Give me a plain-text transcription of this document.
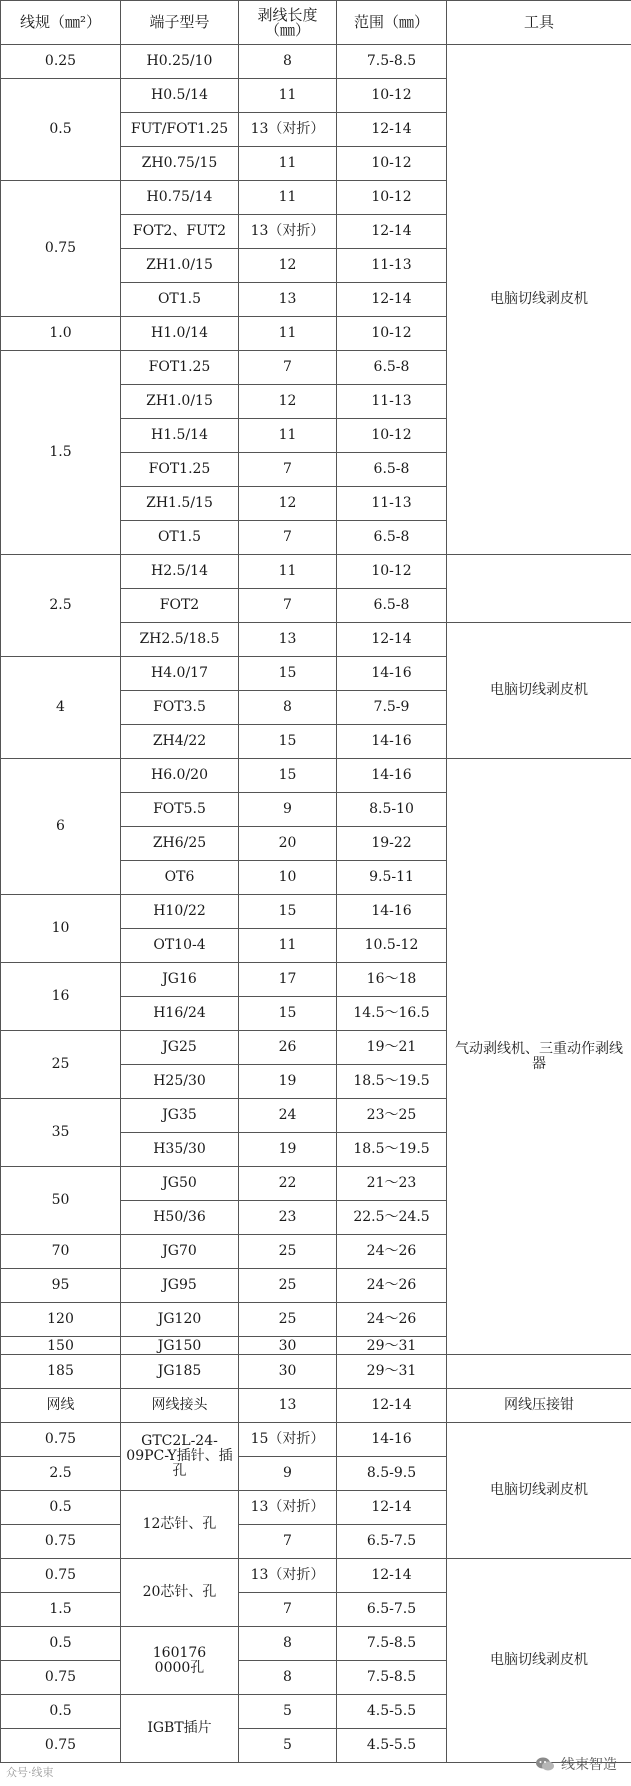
线规（㎜²）	端子型号	剥线长度（㎜）	范围（㎜）	工具
0.25	H0.25/10	8	7.5-8.5	电脑切线剥皮机
0.5	H0.5/14	11	10-12	
	FUT/FOT1.25	13（对折）	12-14	
	ZH0.75/15	11	10-12	
0.75	H0.75/14	11	10-12	
	FOT2、FUT2	13（对折）	12-14	
	ZH1.0/15	12	11-13	
	OT1.5	13	12-14	
1.0	H1.0/14	11	10-12	
1.5	FOT1.25	7	6.5-8	
	ZH1.0/15	12	11-13	
	H1.5/14	11	10-12	
	FOT1.25	7	6.5-8	
	ZH1.5/15	12	11-13	
	OT1.5	7	6.5-8	
2.5	H2.5/14	11	10-12	
	FOT2	7	6.5-8	
	ZH2.5/18.5	13	12-14	电脑切线剥皮机
4	H4.0/17	15	14-16	
	FOT3.5	8	7.5-9	
	ZH4/22	15	14-16	
6	H6.0/20	15	14-16	气动剥线机、三重动作剥线器
	FOT5.5	9	8.5-10	
	ZH6/25	20	19-22	
	OT6	10	9.5-11	
10	H10/22	15	14-16	
	OT10-4	11	10.5-12	
16	JG16	17	16～18	
	H16/24	15	14.5～16.5	
25	JG25	26	19～21	
	H25/30	19	18.5～19.5	
35	JG35	24	23～25	
	H35/30	19	18.5～19.5	
50	JG50	22	21～23	
	H50/36	23	22.5～24.5	
70	JG70	25	24～26	
95	JG95	25	24～26	
120	JG120	25	24～26	
150	JG150	30	29～31	
185	JG185	30	29～31	
网线	网线接头	13	12-14	网线压接钳
0.75	GTC2L-24-09PC-Y插针、插孔	15（对折）	14-16	电脑切线剥皮机
2.5		9	8.5-9.5	
0.5	12芯针、孔	13（对折）	12-14	
0.75		7	6.5-7.5	
0.75	20芯针、孔	13（对折）	12-14	电脑切线剥皮机
1.5		7	6.5-7.5	
0.5	1601760000孔	8	7.5-8.5	
0.75		8	7.5-8.5	
0.5	IGBT插片	5	4.5-5.5	
0.75		5	4.5-5.5	
众号·线束	线束智造
